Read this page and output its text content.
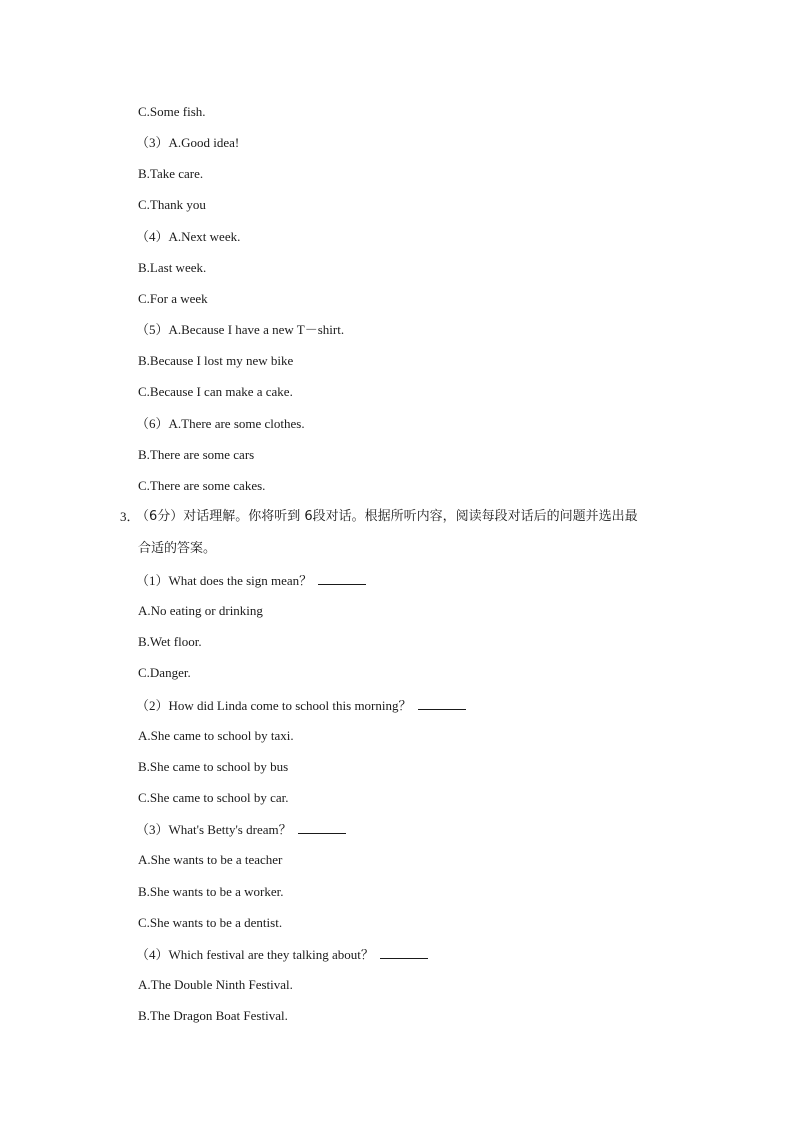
C.Some fish.
（3）A.Good idea!
B.Take care.
C.Thank you
（4）A.Next week.
B.Last week.
C.For a week
（5）A.Because I have a new T－shirt.
B.Because I lost my new bike
C.Because I can make a cake.
（6）A.There are some clothes.
B.There are some cars
C.There are some cakes.
3．
（6分）对话理解。你将听到 6段对话。根据所听内容，阅读每段对话后的问题并选出最
合适的答案。
（1）What does the sign mean？
A.No eating or drinking
B.Wet floor.
C.Danger.
（2）How did Linda come to school this morning？
A.She came to school by taxi.
B.She came to school by bus
C.She came to school by car.
（3）What's Betty's dream？
A.She wants to be a teacher
B.She wants to be a worker.
C.She wants to be a dentist.
（4）Which festival are they talking about？
A.The Double Ninth Festival.
B.The Dragon Boat Festival.
